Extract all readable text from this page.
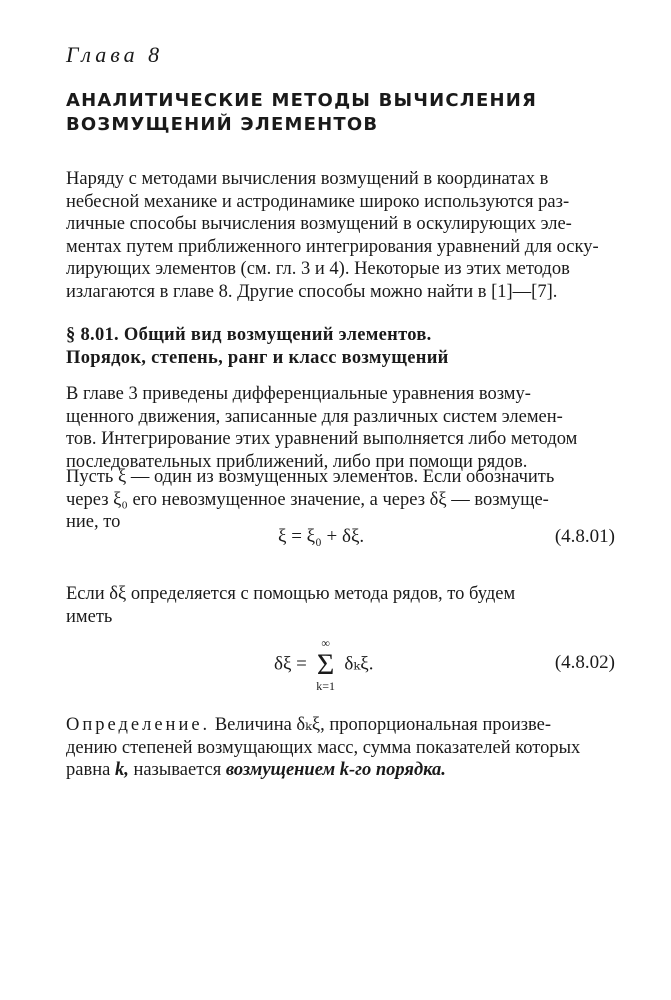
Глава 8
АНАЛИТИЧЕСКИЕ МЕТОДЫ ВЫЧИСЛЕНИЯ
ВОЗМУЩЕНИЙ ЭЛЕМЕНТОВ
Наряду с методами вычисления возмущений в координатах в
небесной механике и астродинамике широко используются раз-
личные способы вычисления возмущений в оскулирующих эле-
ментах путем приближенного интегрирования уравнений для оску-
лирующих элементов (см. гл. 3 и 4). Некоторые из этих методов
излагаются в главе 8. Другие способы можно найти в [1]—[7].
§ 8.01. Общий вид возмущений элементов.
Порядок, степень, ранг и класс возмущений
В главе 3 приведены дифференциальные уравнения возму-
щенного движения, записанные для различных систем элемен-
тов. Интегрирование этих уравнений выполняется либо методом
последовательных приближений, либо при помощи рядов.
Пусть ξ — один из возмущенных элементов. Если обозначить
через ξ₀ его невозмущенное значение, а через δξ — возмуще-
ние, то
ξ = ξ₀ + δξ.	(4.8.01)
Если δξ определяется с помощью метода рядов, то будем
иметь
δξ =
∞
Σ
k=1
δₖξ.	(4.8.02)
Определение. Величина δₖξ, пропорциональная произве-
дению степеней возмущающих масс, сумма показателей которых
равна k, называется возмущением k-го порядка.
